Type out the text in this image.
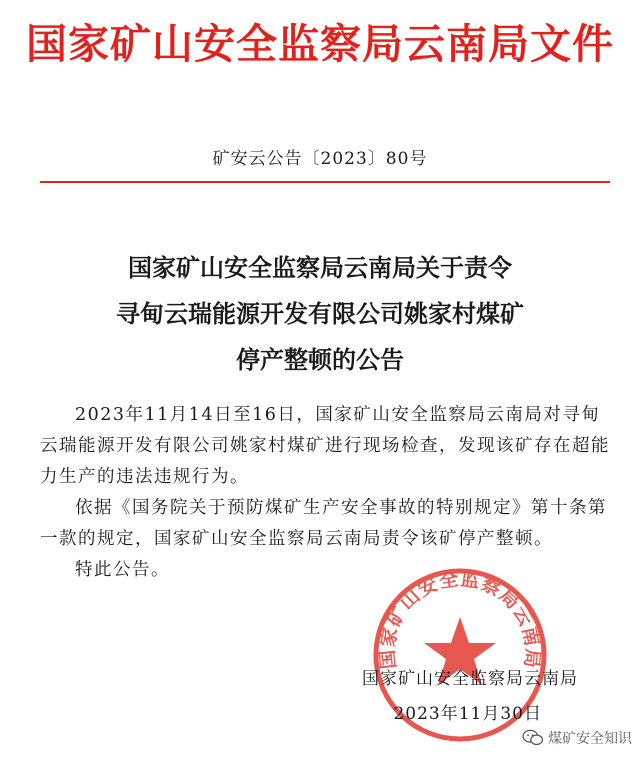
国家矿山安全监察局云南局文件
矿安云公告〔2023〕80号
国家矿山安全监察局云南局关于责令
寻甸云瑞能源开发有限公司姚家村煤矿
停产整顿的公告

2023年11月14日至16日，国家矿山安全监察局云南局对寻甸云瑞能源开发有限公司姚家村煤矿进行现场检查，发现该矿存在超能力生产的违法违规行为。

依据《国务院关于预防煤矿生产安全事故的特别规定》第十条第一款的规定，国家矿山安全监察局云南局责令该矿停产整顿。

特此公告。

国家矿山安全监察局云南局
国家矿山安全监察局云南局
2023年11月30日
煤矿安全知识
